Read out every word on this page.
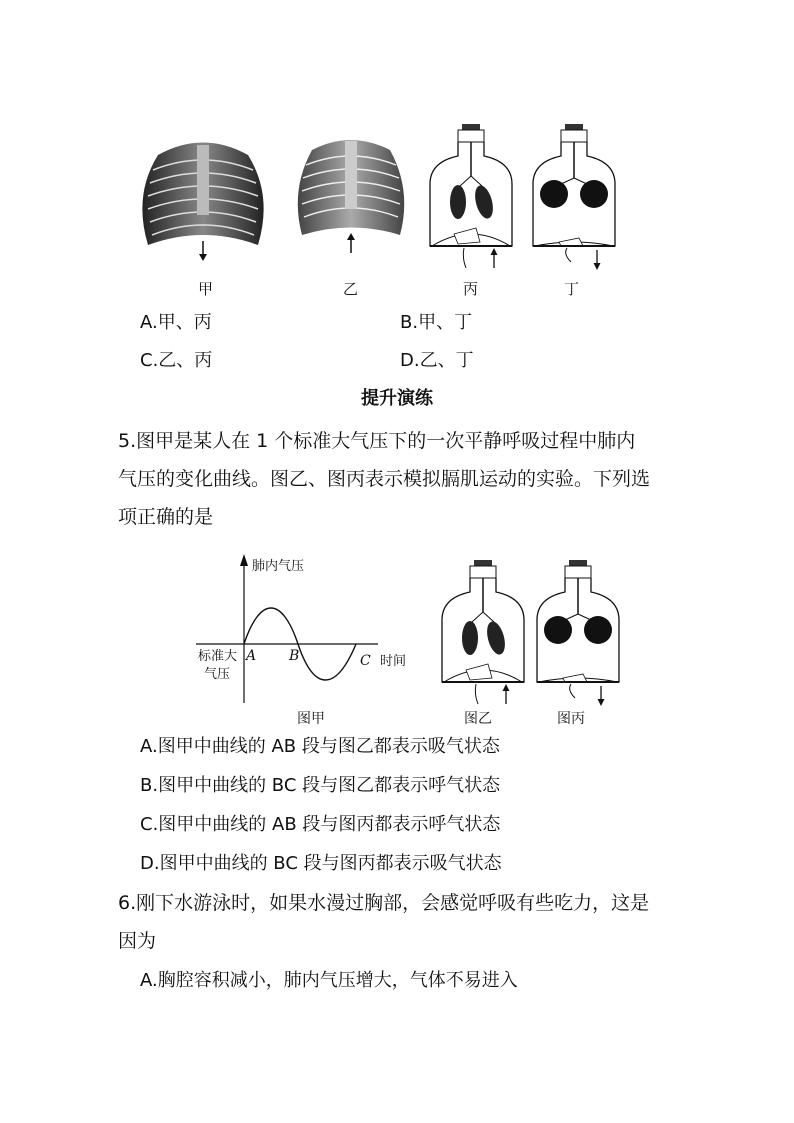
甲	乙	丙	丁
A.甲、丙	B.甲、丁
C.乙、丙	D.乙、丁
提升演练
5.图甲是某人在 1 个标准大气压下的一次平静呼吸过程中肺内
气压的变化曲线。图乙、图丙表示模拟膈肌运动的实验。下列选
项正确的是
肺内气压
时间
标准大
气压
A B	C
图甲	图乙	图丙
A.图甲中曲线的 AB 段与图乙都表示吸气状态
B.图甲中曲线的 BC 段与图乙都表示呼气状态
C.图甲中曲线的 AB 段与图丙都表示呼气状态
D.图甲中曲线的 BC 段与图丙都表示吸气状态
6.刚下水游泳时，如果水漫过胸部，会感觉呼吸有些吃力，这是
因为
A.胸腔容积减小，肺内气压增大，气体不易进入
